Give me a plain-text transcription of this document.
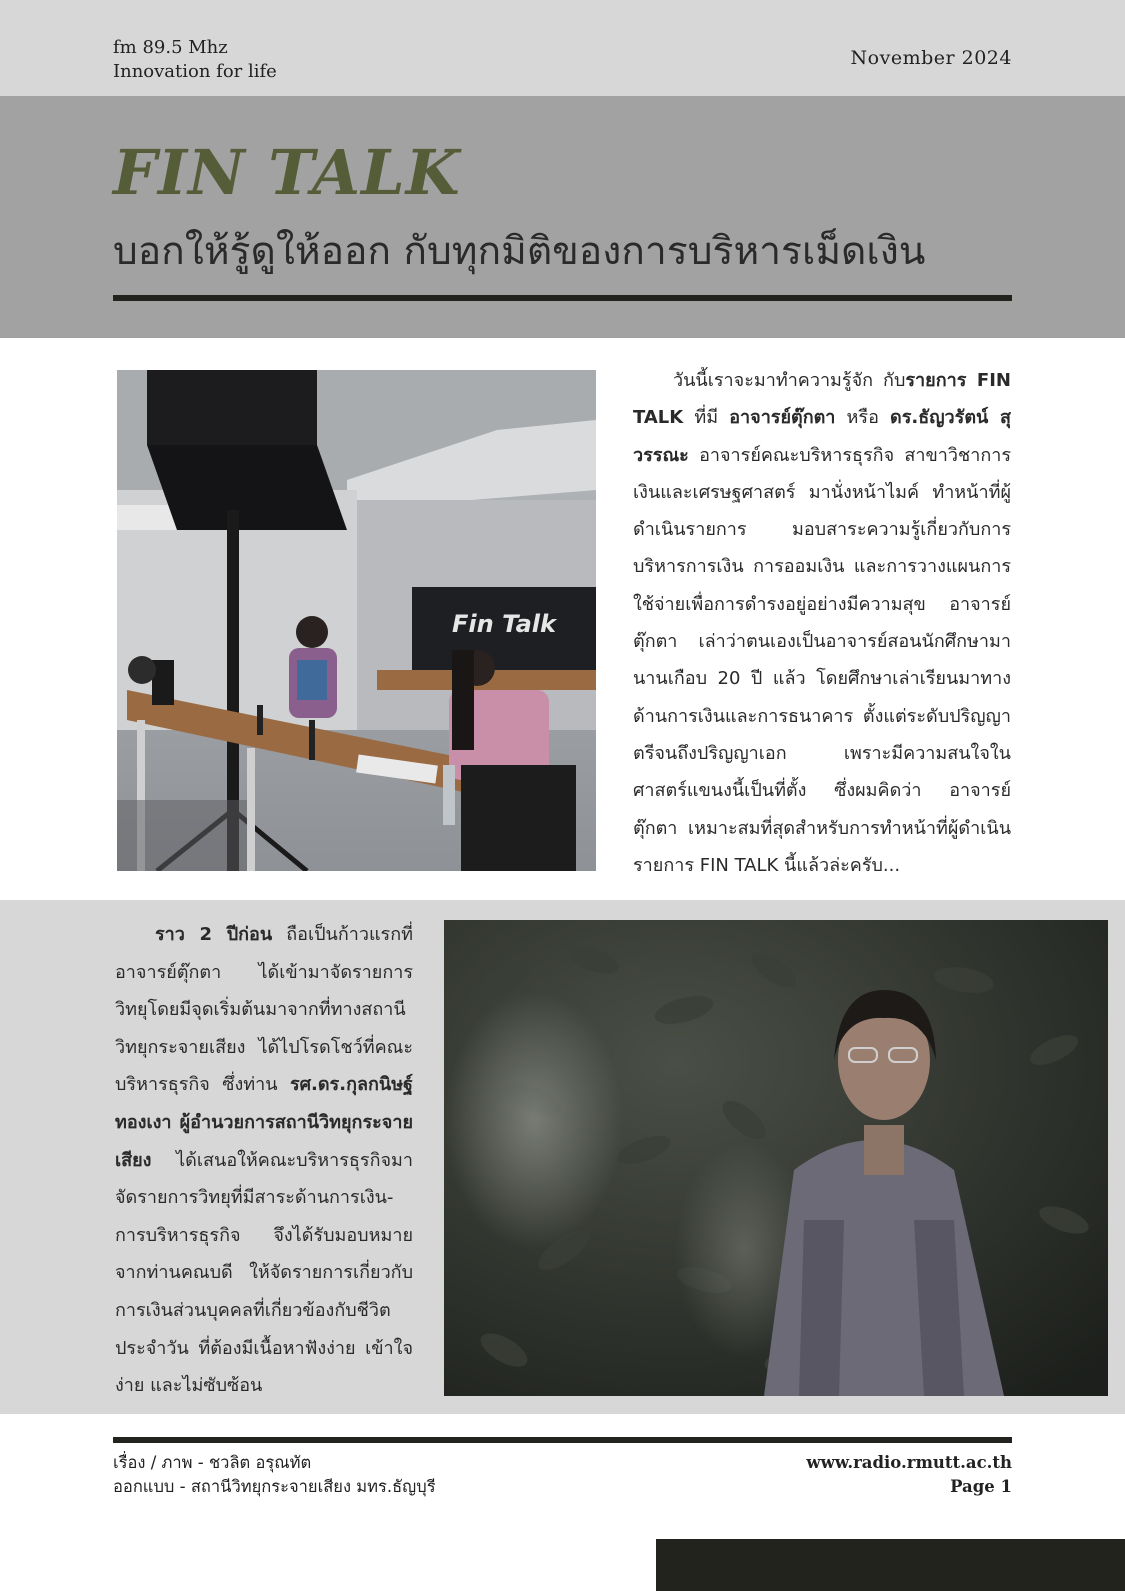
fm 89.5 Mhz
Innovation for life
November 2024
FIN TALK
บอกให้รู้ดูให้ออก กับทุกมิติของการบริหารเม็ดเงิน
Fin Talk

วันนี้เราจะมาทำความรู้จัก กับรายการ FIN TALK ที่มี อาจารย์ตุ๊กตา หรือ ดร.ธัญวรัตน์ สุวรรณะ อาจารย์คณะบริหารธุรกิจ สาขาวิชาการเงินและเศรษฐศาสตร์ มานั่งหน้าไมค์ ทำหน้าที่ผู้ดำเนินรายการ มอบสาระความรู้เกี่ยวกับการบริหารการเงิน การออมเงิน และการวางแผนการใช้จ่ายเพื่อการดำรงอยู่อย่างมีความสุข อาจารย์ตุ๊กตา เล่าว่าตนเองเป็นอาจารย์สอนนักศึกษามานานเกือบ 20 ปี แล้ว โดยศึกษาเล่าเรียนมาทางด้านการเงินและการธนาคาร ตั้งแต่ระดับปริญญาตรีจนถึงปริญญาเอก เพราะมีความสนใจในศาสตร์แขนงนี้เป็นที่ตั้ง ซึ่งผมคิดว่า อาจารย์ตุ๊กตา เหมาะสมที่สุดสำหรับการทำหน้าที่ผู้ดำเนินรายการ FIN TALK นี้แล้วล่ะครับ...

ราว 2 ปีก่อน ถือเป็นก้าวแรกที่ อาจารย์ตุ๊กตา ได้เข้ามาจัดรายการวิทยุโดยมีจุดเริ่มต้นมาจากที่ทางสถานีวิทยุกระจายเสียง ได้ไปโรดโชว์ที่คณะบริหารธุรกิจ ซึ่งท่าน รศ.ดร.กุลกนิษฐ์ ทองเงา ผู้อำนวยการสถานีวิทยุกระจายเสียง ได้เสนอให้คณะบริหารธุรกิจมาจัดรายการวิทยุที่มีสาระด้านการเงิน-การบริหารธุรกิจ จึงได้รับมอบหมายจากท่านคณบดี ให้จัดรายการเกี่ยวกับการเงินส่วนบุคคลที่เกี่ยวข้องกับชีวิตประจำวัน ที่ต้องมีเนื้อหาฟังง่าย เข้าใจง่าย และไม่ซับซ้อน

เรื่อง / ภาพ - ชวลิต อรุณทัต
ออกแบบ - สถานีวิทยุกระจายเสียง มทร.ธัญบุรี
www.radio.rmutt.ac.th
Page 1
